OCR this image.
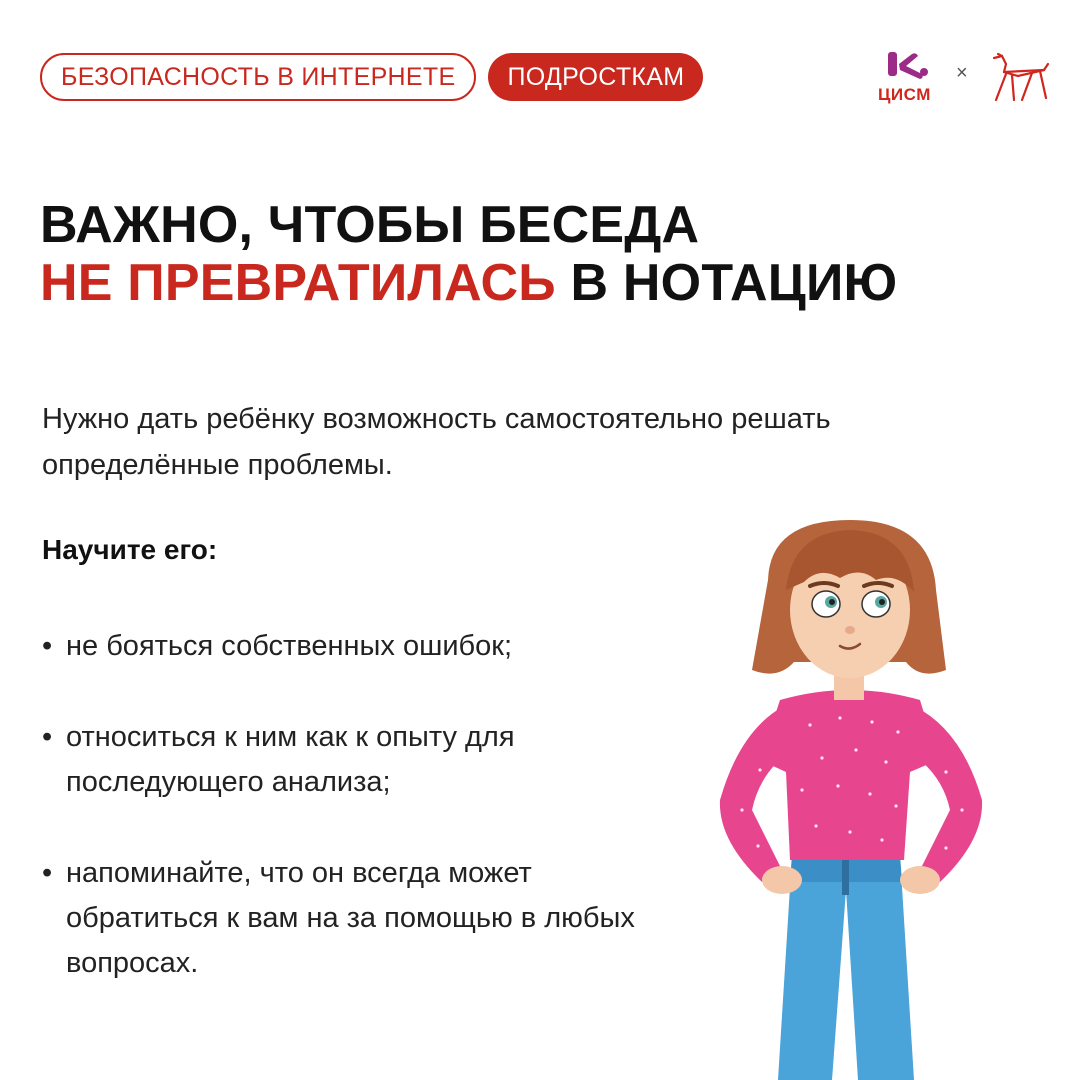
БЕЗОПАСНОСТЬ В ИНТЕРНЕТЕ	ПОДРОСТКАМ
ЦИСМ
×
ВАЖНО, ЧТОБЫ БЕСЕДА
НЕ ПРЕВРАТИЛАСЬ В НОТАЦИЮ
Нужно дать ребёнку возможность самостоятельно решать определённые проблемы.
Научите его:
• не бояться собственных ошибок;
• относиться к ним как к опыту для последующего анализа;
• напоминайте, что он всегда может обратиться к вам на за помощью в любых вопросах.
